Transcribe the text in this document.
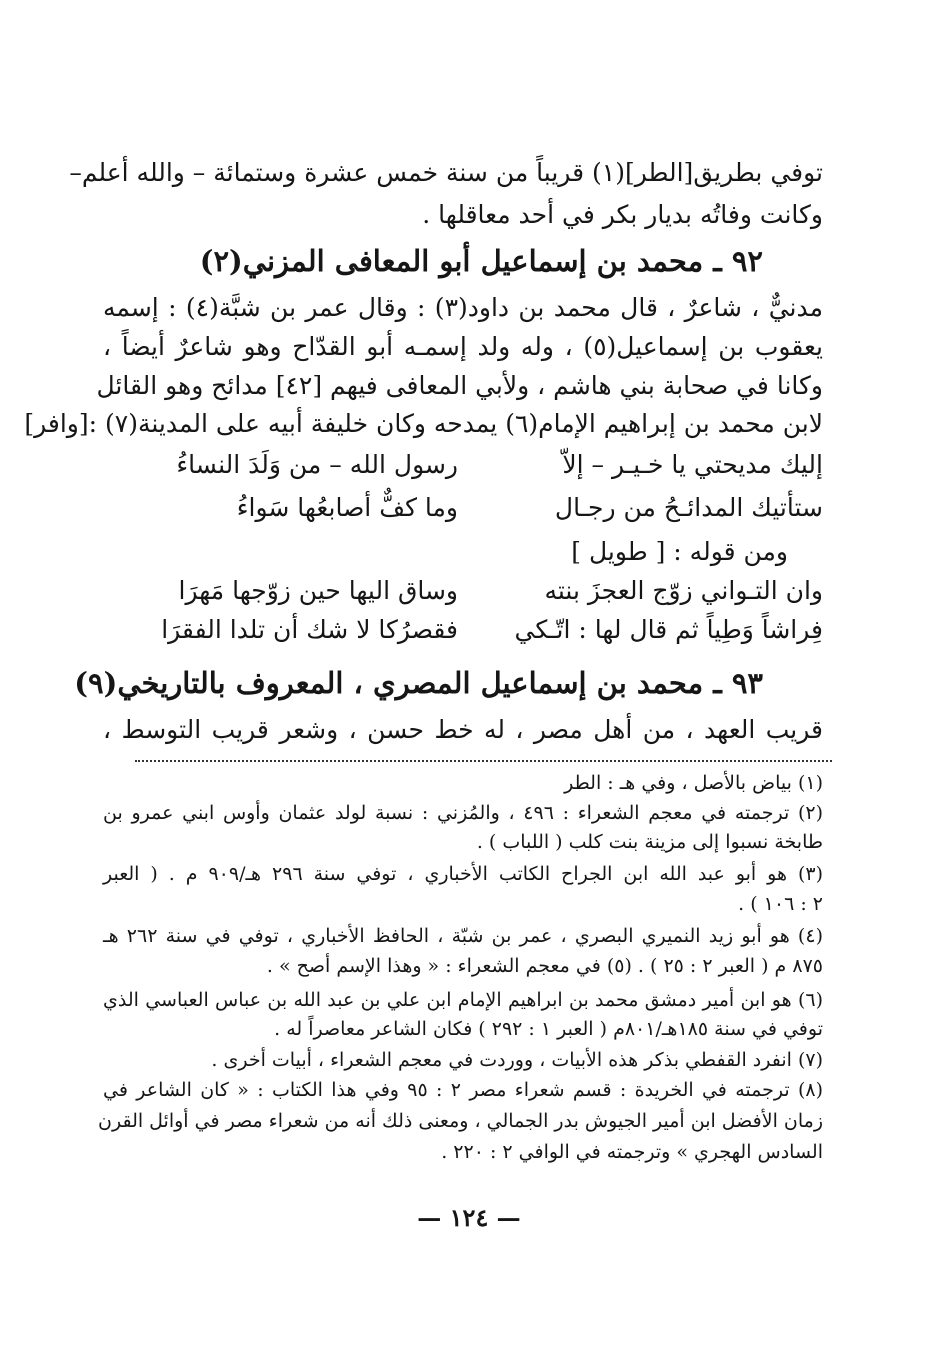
توفي بطريق[الطر](١) قريباً من سنة خمس عشرة وستمائة – والله أعلم–
وكانت وفاتُه بديار بكر في أحد معاقلها .
٩٢ ـ محمد بن إسماعيل أبو المعافى المزني(٢)
مدنيٌّ ، شاعرٌ ، قال محمد بن داود(٣) : وقال عمر بن شبَّة(٤) : إسمه
يعقوب بن إسماعيل(٥) ، وله ولد إسمـه أبو القدّاح وهو شاعرٌ أيضاً ،
وكانا في صحابة بني هاشم ، ولأبي المعافى فيهم [٤٢] مدائح وهو القائل
لابن محمد بن إبراهيم الإمام(٦) يمدحه وكان خليفة أبيه على المدينة(٧) :[وافر]
إليك مديحتي يا خـيـر – إلاّ
رسول الله – من وَلَدَ النساءُ
ستأتيك المدائـحُ من رجـال
وما كفٌّ أصابعُها سَواءُ
ومن قوله : [ طويل ]
وان التـواني زوّج العجزَ بنته
وساق اليها حين زوّجها مَهرَا
فِراشاً وَطِياً ثم قال لها : اتّـكي
فقصرُكا لا شك أن تلدا الفقرَا
٩٣ ـ محمد بن إسماعيل المصري ، المعروف بالتاريخي(٩)
قريب العهد ، من أهل مصر ، له خط حسن ، وشعر قريب التوسط ،
(١) بياض بالأصل ، وفي هـ : الطر
(٢) ترجمته في معجم الشعراء : ٤٩٦ ، والمُزني : نسبة لولد عثمان وأوس ابني عمرو بن
طابخة نسبوا إلى مزينة بنت كلب ( اللباب ) .
(٣) هو أبو عبد الله ابن الجراح الكاتب الأخباري ، توفي سنة ٢٩٦ هـ/٩٠٩ م . ( العبر
٢ : ١٠٦ ) .
(٤) هو أبو زيد النميري البصري ، عمر بن شبّة ، الحافظ الأخباري ، توفي في سنة ٢٦٢ هـ
٨٧٥ م ( العبر ٢ : ٢٥ ) . (٥) في معجم الشعراء : « وهذا الإسم أصح » .
(٦) هو ابن أمير دمشق محمد بن ابراهيم الإمام ابن علي بن عبد الله بن عباس العباسي الذي
توفي في سنة ١٨٥هـ/٨٠١م ( العبر ١ : ٢٩٢ ) فكان الشاعر معاصراً له .
(٧) انفرد القفطي بذكر هذه الأبيات ، ووردت في معجم الشعراء ، أبيات أخرى .
(٨) ترجمته في الخريدة : قسم شعراء مصر ٢ : ٩٥ وفي هذا الكتاب : « كان الشاعر في
زمان الأفضل ابن أمير الجيوش بدر الجمالي ، ومعنى ذلك أنه من شعراء مصر في أوائل القرن
السادس الهجري » وترجمته في الوافي ٢ : ٢٢٠ .
— ١٢٤ —
